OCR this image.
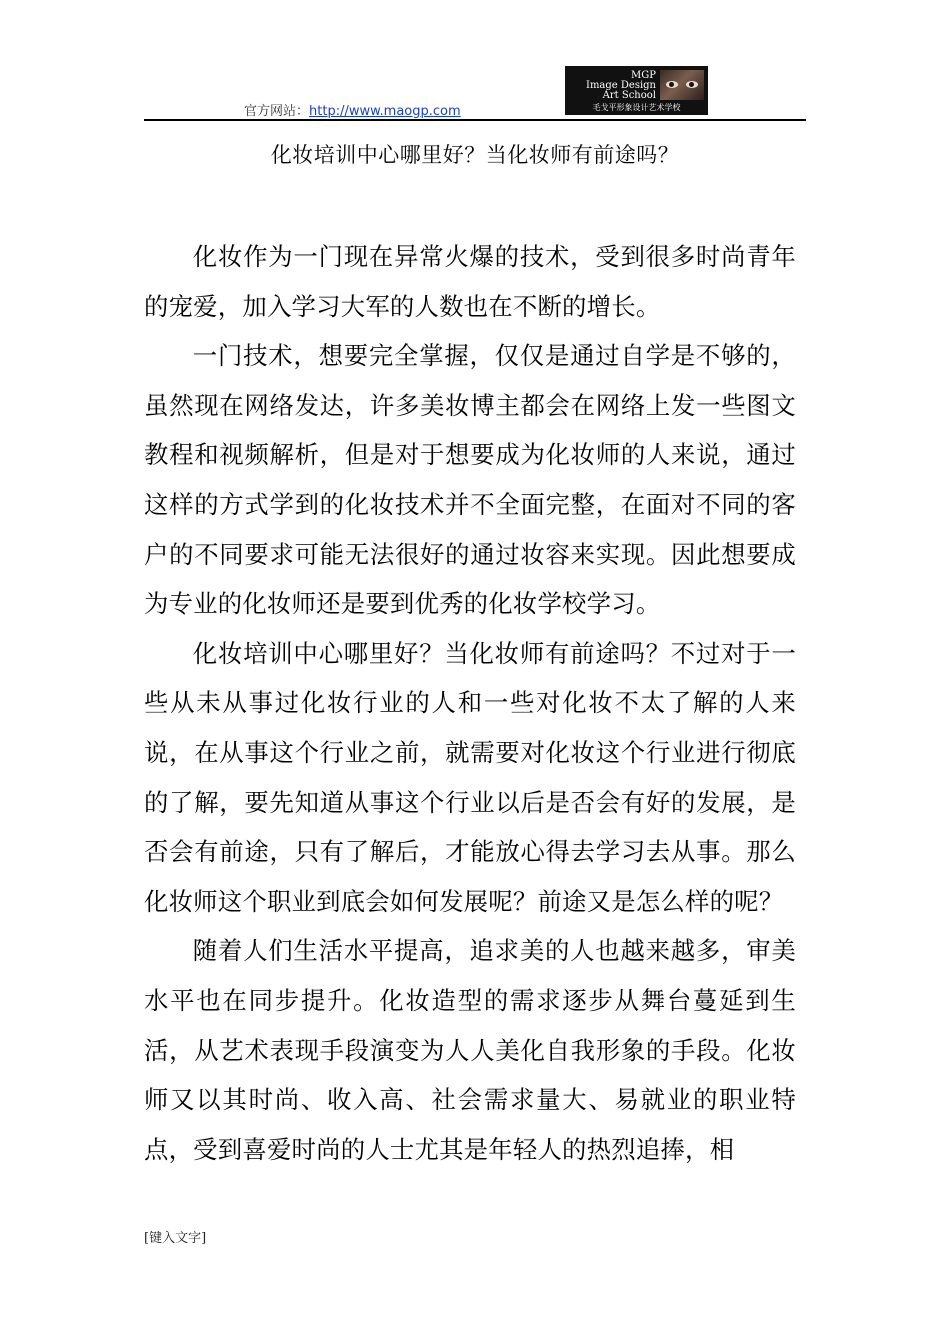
官方网站：http://www.maogp.com
MGP
Image Design
Art School
毛戈平形象设计艺术学校
化妆培训中心哪里好？当化妆师有前途吗？

化妆作为一门现在异常火爆的技术，受到很多时尚青年的宠爱，加入学习大军的人数也在不断的增长。

一门技术，想要完全掌握，仅仅是通过自学是不够的，虽然现在网络发达，许多美妆博主都会在网络上发一些图文教程和视频解析，但是对于想要成为化妆师的人来说，通过这样的方式学到的化妆技术并不全面完整，在面对不同的客户的不同要求可能无法很好的通过妆容来实现。因此想要成为专业的化妆师还是要到优秀的化妆学校学习。

化妆培训中心哪里好？当化妆师有前途吗？不过对于一些从未从事过化妆行业的人和一些对化妆不太了解的人来说，在从事这个行业之前，就需要对化妆这个行业进行彻底的了解，要先知道从事这个行业以后是否会有好的发展，是否会有前途，只有了解后，才能放心得去学习去从事。那么化妆师这个职业到底会如何发展呢？前途又是怎么样的呢？

随着人们生活水平提高，追求美的人也越来越多，审美水平也在同步提升。化妆造型的需求逐步从舞台蔓延到生活，从艺术表现手段演变为人人美化自我形象的手段。化妆师又以其时尚、收入高、社会需求量大、易就业的职业特点，受到喜爱时尚的人士尤其是年轻人的热烈追捧，相

[键入文字]
